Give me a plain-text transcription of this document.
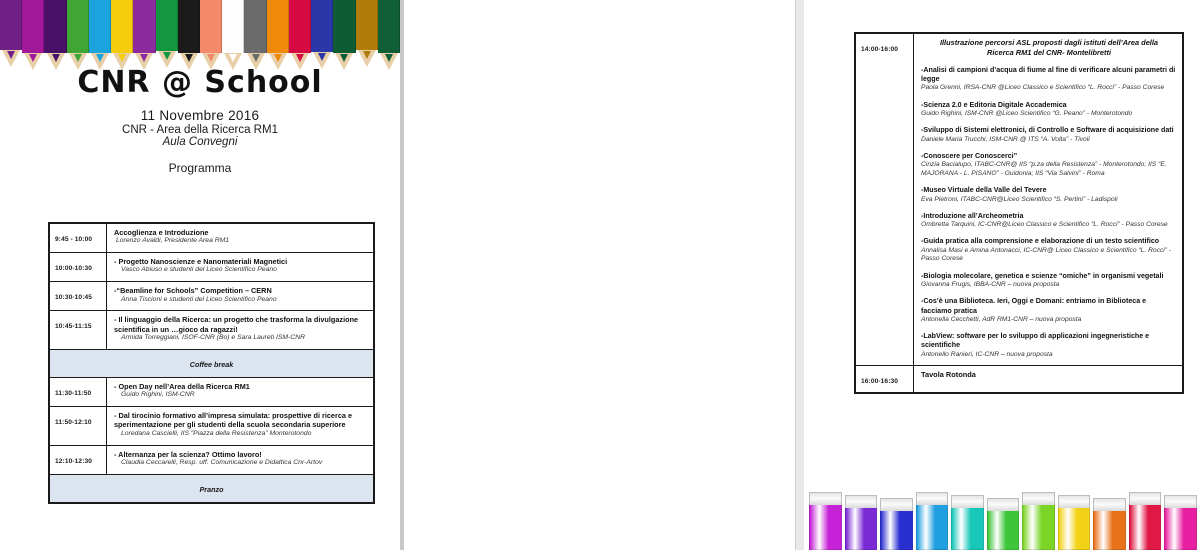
CNR @ School
11 Novembre 2016
CNR - Area della Ricerca RM1
Aula Convegni
Programma
9:45 - 10:00	Accoglienza e Introduzione
Lorenzo Avaldi, Presidente Area RM1

10:00-10:30	- Progetto Nanoscienze e Nanomateriali Magnetici
Vasco Abiuso e studenti del Liceo Scientifico Peano

10:30-10:45	-“Beamline for Schools” Competition – CERN
Anna Tiscioni e studenti del Liceo Scientifico Peano

10:45-11:15	- Il linguaggio della Ricerca: un progetto che trasforma la divulgazione scientifica in un …gioco da ragazzi!
Armida Torreggiani, ISOF-CNR (Bo) e Sara Laureti ISM-CNR

Coffee break	
11:30-11:50	- Open Day nell’Area della Ricerca RM1
Guido Righini, ISM-CNR

11:50-12:10	- Dal tirocinio formativo all’impresa simulata: prospettive di ricerca e sperimentazione per gli studenti della scuola secondaria superiore
Loredana Cascielli, IIS “Piazza della Resistenza” Monterotondo

12:10-12:30	- Alternanza per la scienza? Ottimo lavoro!
Claudia Ceccarelli, Resp. uff. Comunicazione e Didattica Cnr-Artov

Pranzo	
14:00-16:00	
Illustrazione percorsi ASL proposti dagli istituti dell’Area della Ricerca RM1 del CNR- Montelibretti
-Analisi di campioni d’acqua di fiume al fine di verificare alcuni parametri di legge
Paola Grenni, IRSA-CNR @Liceo Classico e Scientifico “L. Rocci” - Passo Corese
-Scienza 2.0 e Editoria Digitale Accademica
Guido Righini, ISM-CNR @Liceo Scientifico “G. Peano” - Monterotondo
-Sviluppo di Sistemi elettronici, di Controllo e Software di acquisizione dati
Daniele Maria Trucchi, ISM-CNR @ ITS “A. Volta” - Tivoli
-Conoscere per Conoscerci”
Cinzia Bacialupo, ITABC-CNR@ IIS “p.za della Resistenza” - Monterotondo; IIS “E. MAJORANA - L. PISANO” - Guidonia; IIS “Via Salvini” - Roma
-Museo Virtuale della Valle del Tevere
Eva Pietroni, ITABC-CNR@Liceo Scientifico “S. Pertini” - Ladispoli
-Introduzione all’Archeometria
Ombretta Tarquini, IC-CNR@Liceo Classico e Scientifico “L. Rocci” - Passo Corese
-Guida pratica alla comprensione e elaborazione di un testo scientifico
Annalisa Masi e Amina Antonacci, IC-CNR@ Liceo Classico e Scientifico “L. Rocci” - Passo Corese
-Biologia molecolare, genetica e scienze “omiche” in organismi vegetali
Giovanna Frugis, IBBA-CNR – nuova proposta
-Cos’è una Biblioteca. Ieri, Oggi e Domani: entriamo in Biblioteca e facciamo pratica
Antonella Cecchetti, AdR RM1-CNR – nuova proposta
-LabView: software per lo sviluppo di applicazioni ingegneristiche e scientifiche
Antonello Ranieri, IC-CNR – nuova proposta

16:00-16:30	Tavola Rotonda
